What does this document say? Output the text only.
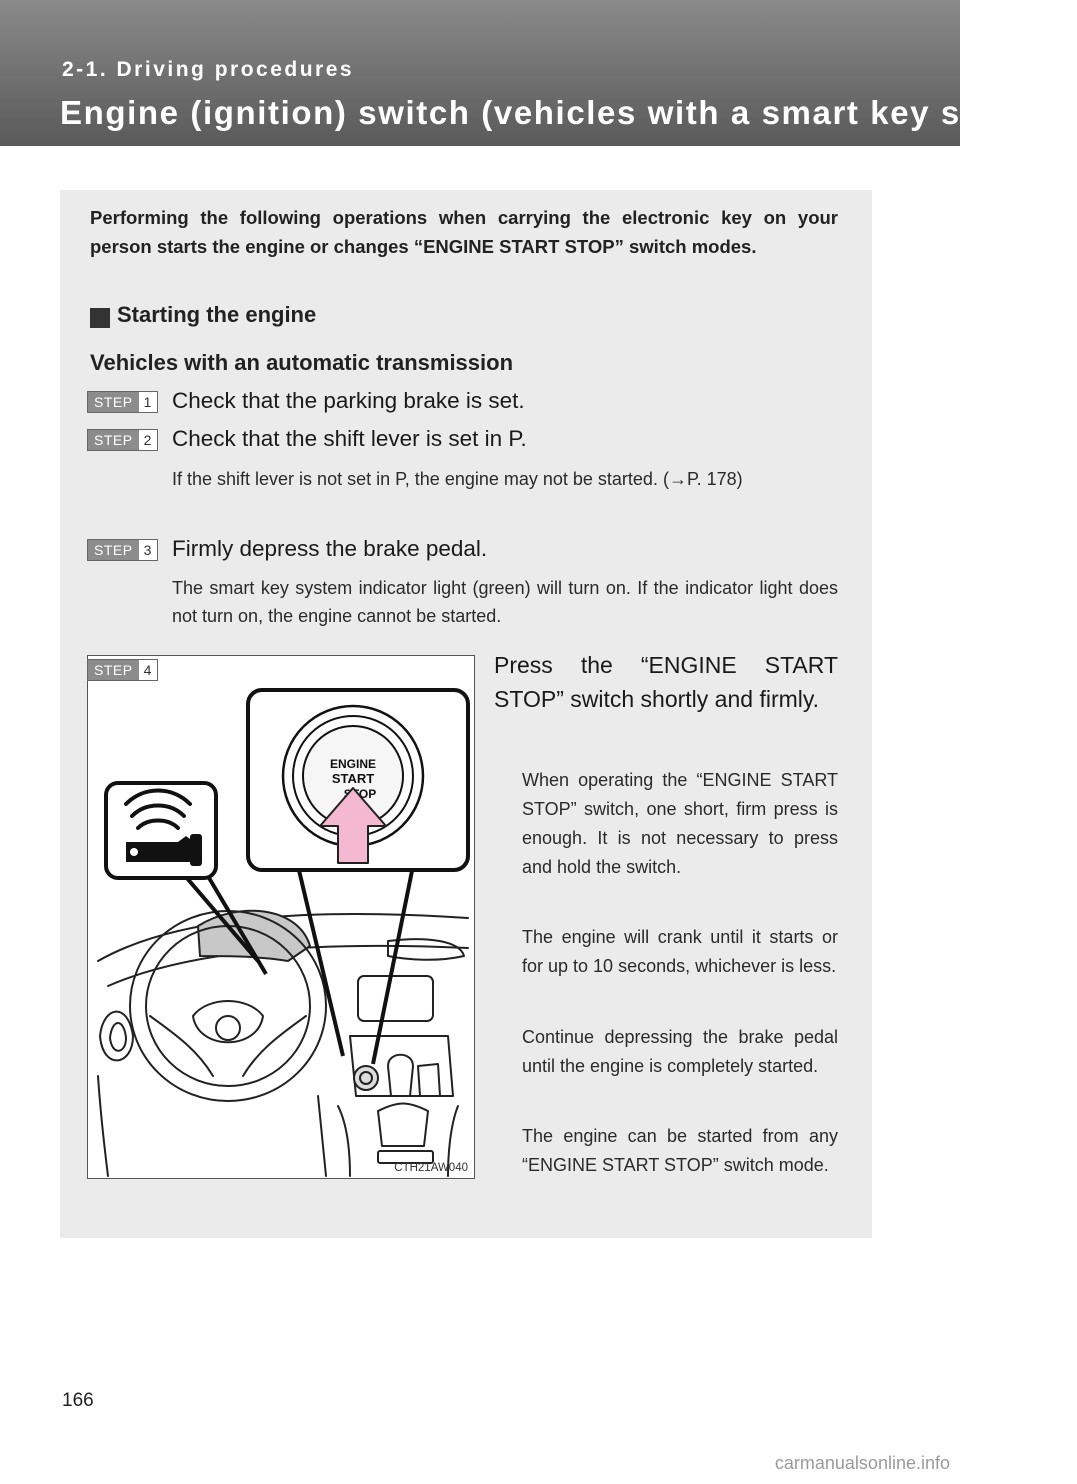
2-1. Driving procedures
Engine (ignition) switch (vehicles with a smart key system)
Performing the following operations when carrying the electronic key on your person starts the engine or changes “ENGINE START STOP” switch modes.
Starting the engine
Vehicles with an automatic transmission
STEP 1 Check that the parking brake is set.
STEP 2 Check that the shift lever is set in P.
If the shift lever is not set in P, the engine may not be started. (→P. 178)
STEP 3 Firmly depress the brake pedal.
The smart key system indicator light (green) will turn on. If the indicator light does not turn on, the engine cannot be started.
ENGINE
START
STOP
CTH21AW040
STEP 4	Press the “ENGINE START STOP” switch shortly and firmly.
When operating the “ENGINE START STOP” switch, one short, firm press is enough. It is not necessary to press and hold the switch.
The engine will crank until it starts or for up to 10 seconds, whichever is less.
Continue depressing the brake pedal until the engine is completely started.
The engine can be started from any “ENGINE START STOP” switch mode.
166
carmanualsonline.info
